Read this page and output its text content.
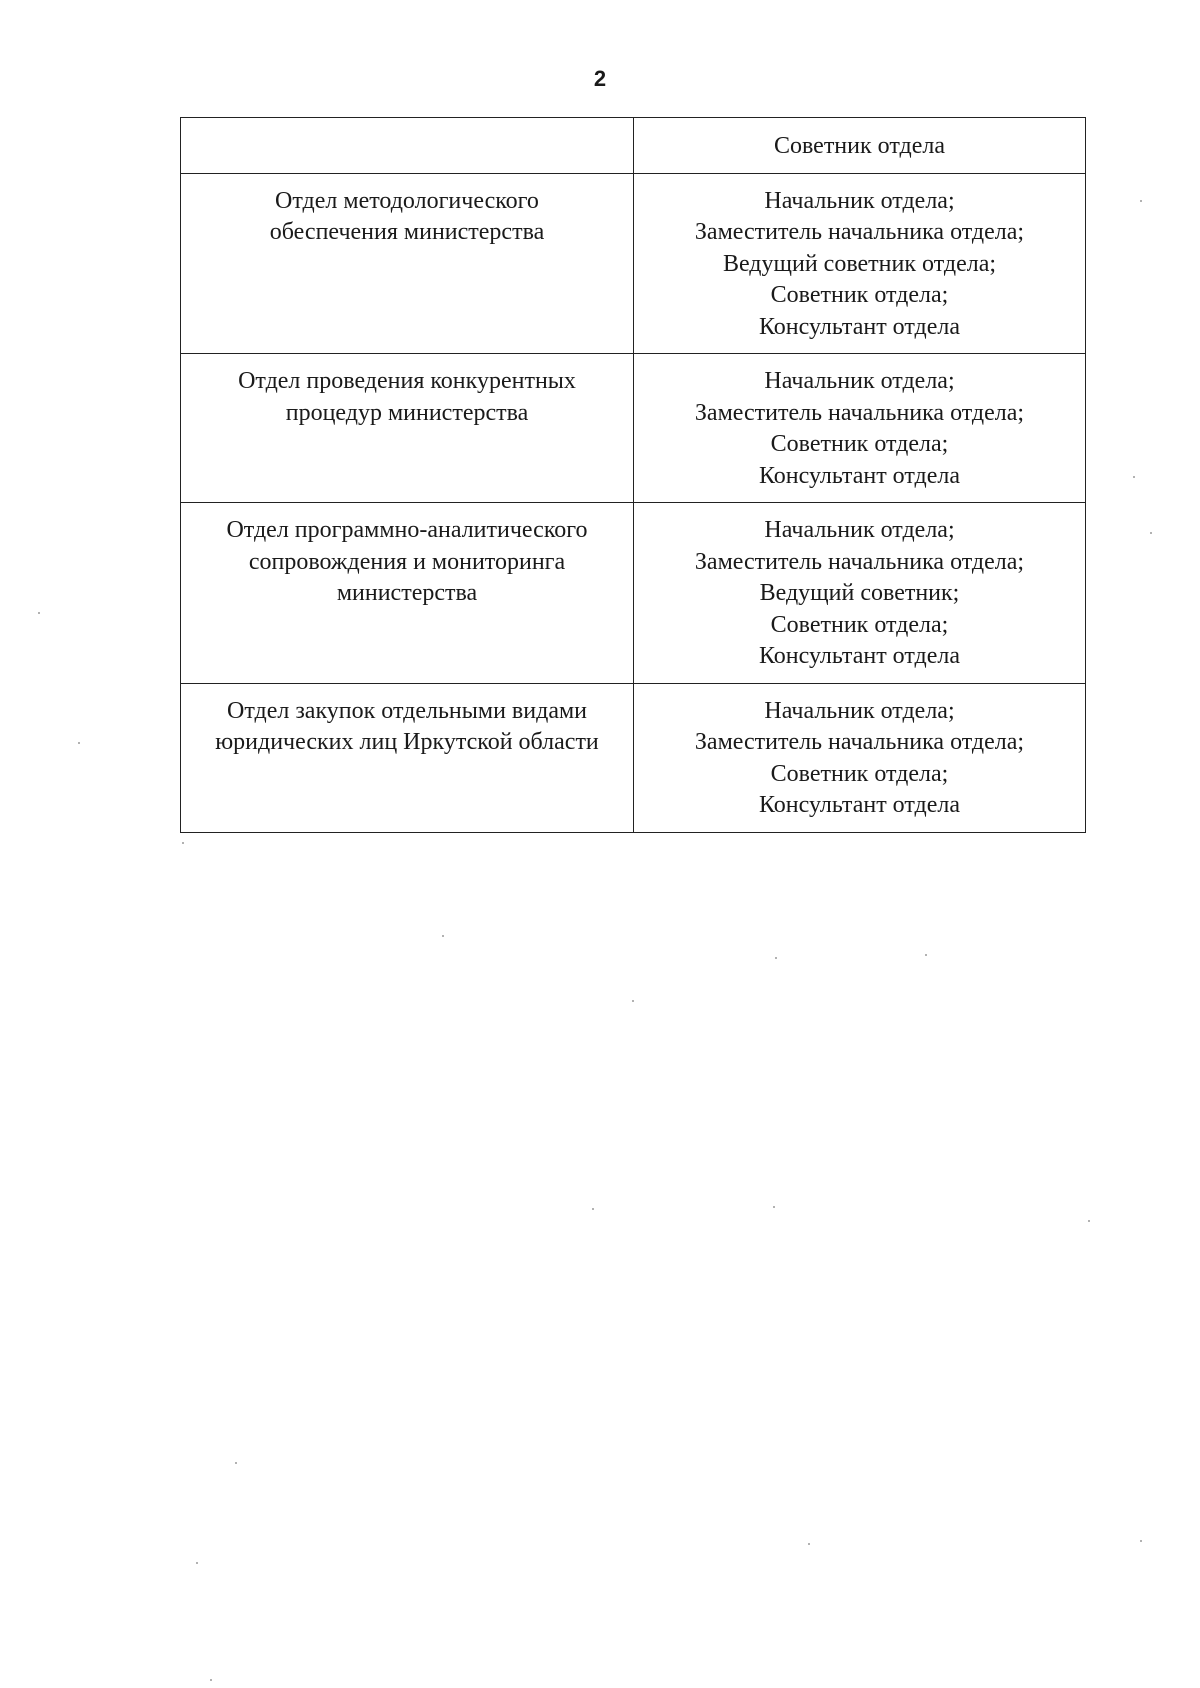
2

	Советник отдела

Отдел методологического
обеспечения министерства	Начальник отдела;
Заместитель начальника отдела;
Ведущий советник отдела;
Советник отдела;
Консультант отдела

Отдел проведения конкурентных
процедур министерства	Начальник отдела;
Заместитель начальника отдела;
Советник отдела;
Консультант отдела

Отдел программно-аналитического
сопровождения и мониторинга
министерства	Начальник отдела;
Заместитель начальника отдела;
Ведущий советник;
Советник отдела;
Консультант отдела

Отдел закупок отдельными видами
юридических лиц Иркутской области	Начальник отдела;
Заместитель начальника отдела;
Советник отдела;
Консультант отдела
